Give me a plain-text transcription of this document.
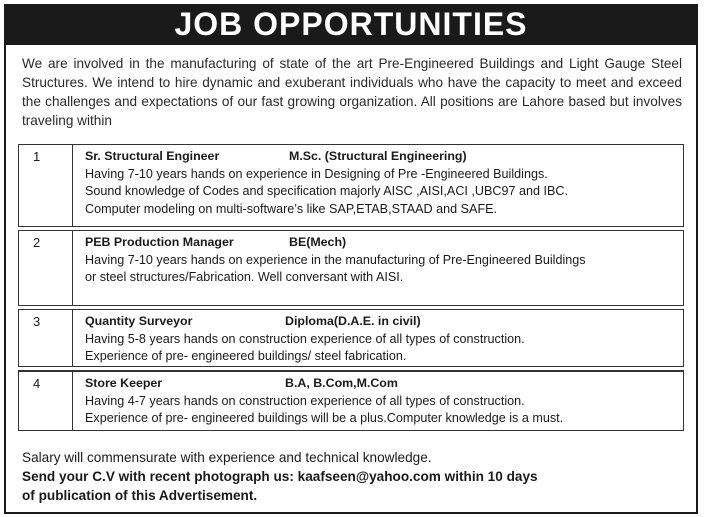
JOB OPPORTUNITIES
We are involved in the manufacturing of state of the art Pre-Engineered Buildings and Light Gauge Steel Structures. We intend to hire dynamic and exuberant individuals who have the capacity to meet and exceed the challenges and expectations of our fast growing organization. All positions are Lahore based but involves traveling within
1	Sr. Structural Engineer	M.Sc. (Structural Engineering)
Having 7-10 years hands on experience in Designing of Pre -Engineered Buildings.
Sound knowledge of Codes and specification majorly AISC ,AISI,ACI ,UBC97 and IBC.
Computer modeling on multi-software’s like SAP,ETAB,STAAD and SAFE.
2	PEB Production Manager	BE(Mech)
Having 7-10 years hands on experience in the manufacturing of Pre-Engineered Buildings
or steel structures/Fabrication. Well conversant with AISI.
3	Quantity Surveyor	Diploma(D.A.E. in civil)
Having 5-8 years hands on construction experience of all types of construction.
Experience of pre- engineered buildings/ steel fabrication.
4	Store Keeper	B.A, B.Com,M.Com
Having 4-7 years hands on construction experience of all types of construction.
Experience of pre- engineered buildings will be a plus.Computer knowledge is a must.
Salary will commensurate with experience and technical knowledge.
Send your C.V with recent photograph us: kaafseen@yahoo.com within 10 days
of publication of this Advertisement.
